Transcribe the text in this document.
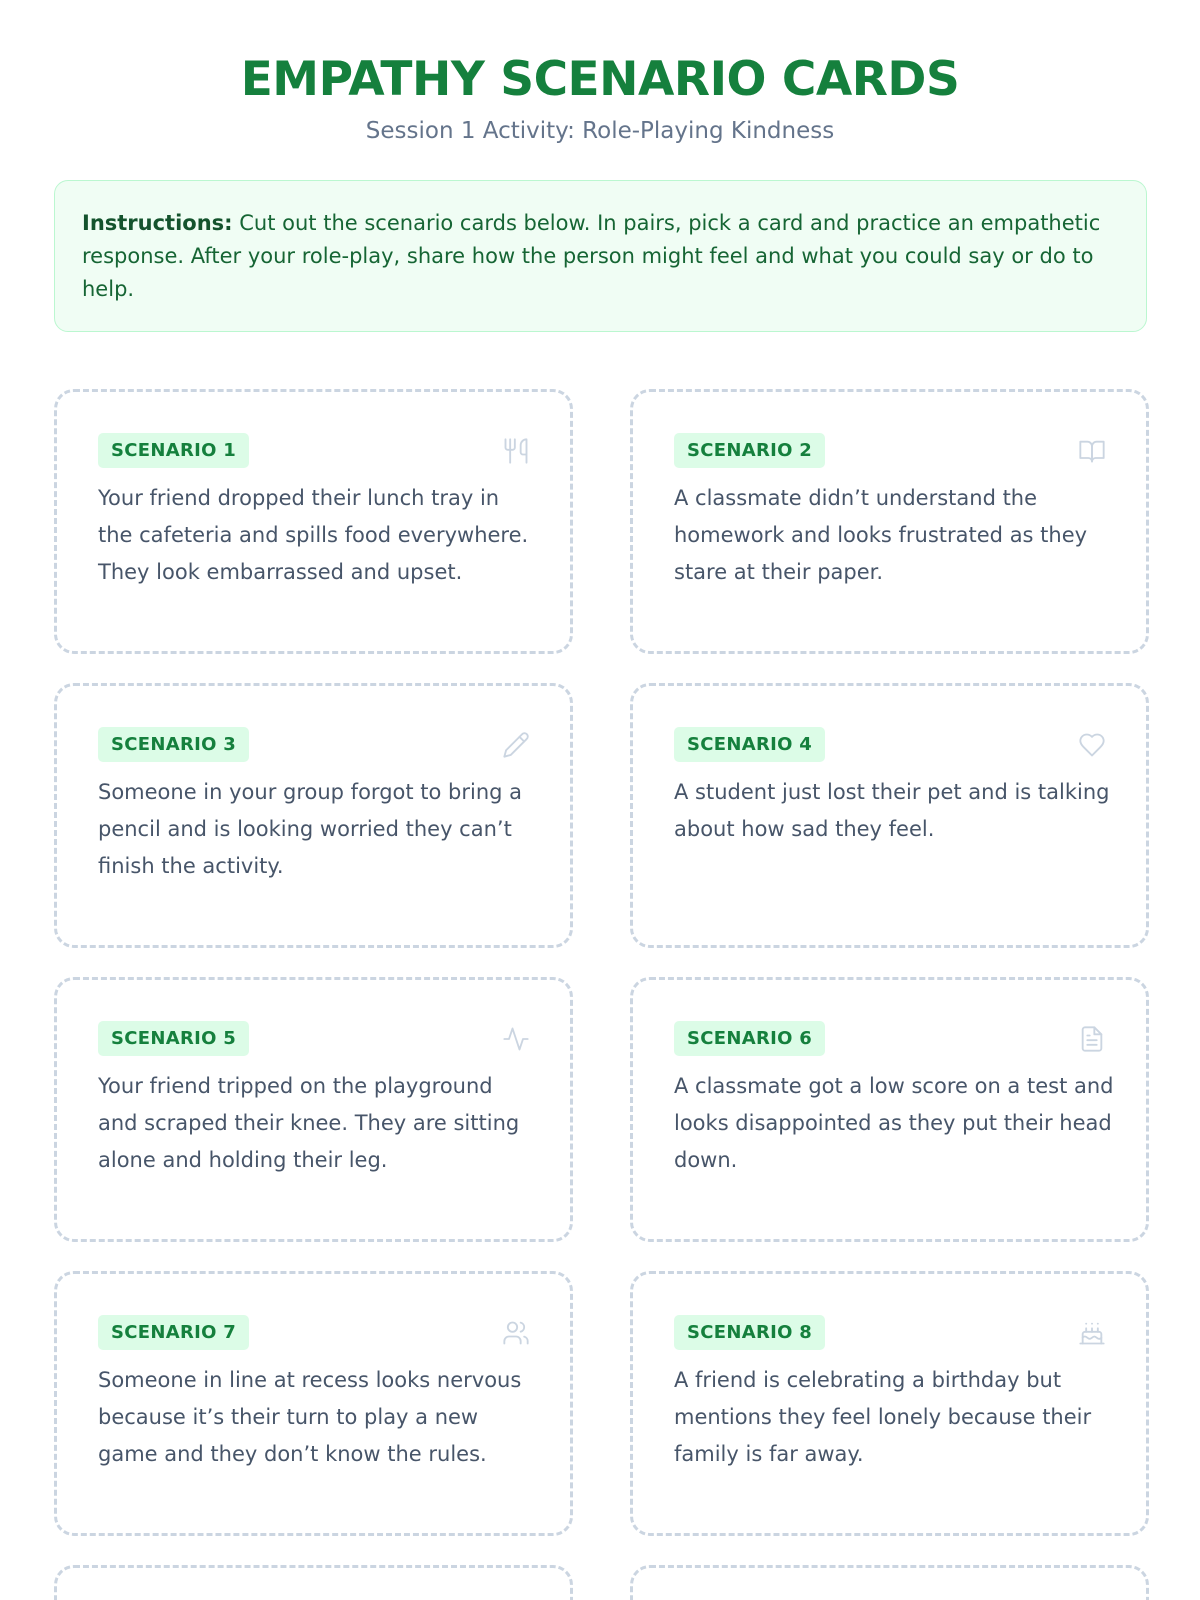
EMPATHY SCENARIO CARDS
Session 1 Activity: Role-Playing Kindness
Instructions: Cut out the scenario cards below. In pairs, pick a card and practice an empathetic response. After your role-play, share how the person might feel and what you could say or do to help.
SCENARIO 1
Your friend dropped their lunch tray in the cafeteria and spills food everywhere. They look embarrassed and upset.
SCENARIO 2
A classmate didn’t understand the homework and looks frustrated as they stare at their paper.
SCENARIO 3
Someone in your group forgot to bring a pencil and is looking worried they can’t finish the activity.
SCENARIO 4
A student just lost their pet and is talking about how sad they feel.
SCENARIO 5
Your friend tripped on the playground and scraped their knee. They are sitting alone and holding their leg.
SCENARIO 6
A classmate got a low score on a test and looks disappointed as they put their head down.
SCENARIO 7
Someone in line at recess looks nervous because it’s their turn to play a new game and they don’t know the rules.
SCENARIO 8
A friend is celebrating a birthday but mentions they feel lonely because their family is far away.
